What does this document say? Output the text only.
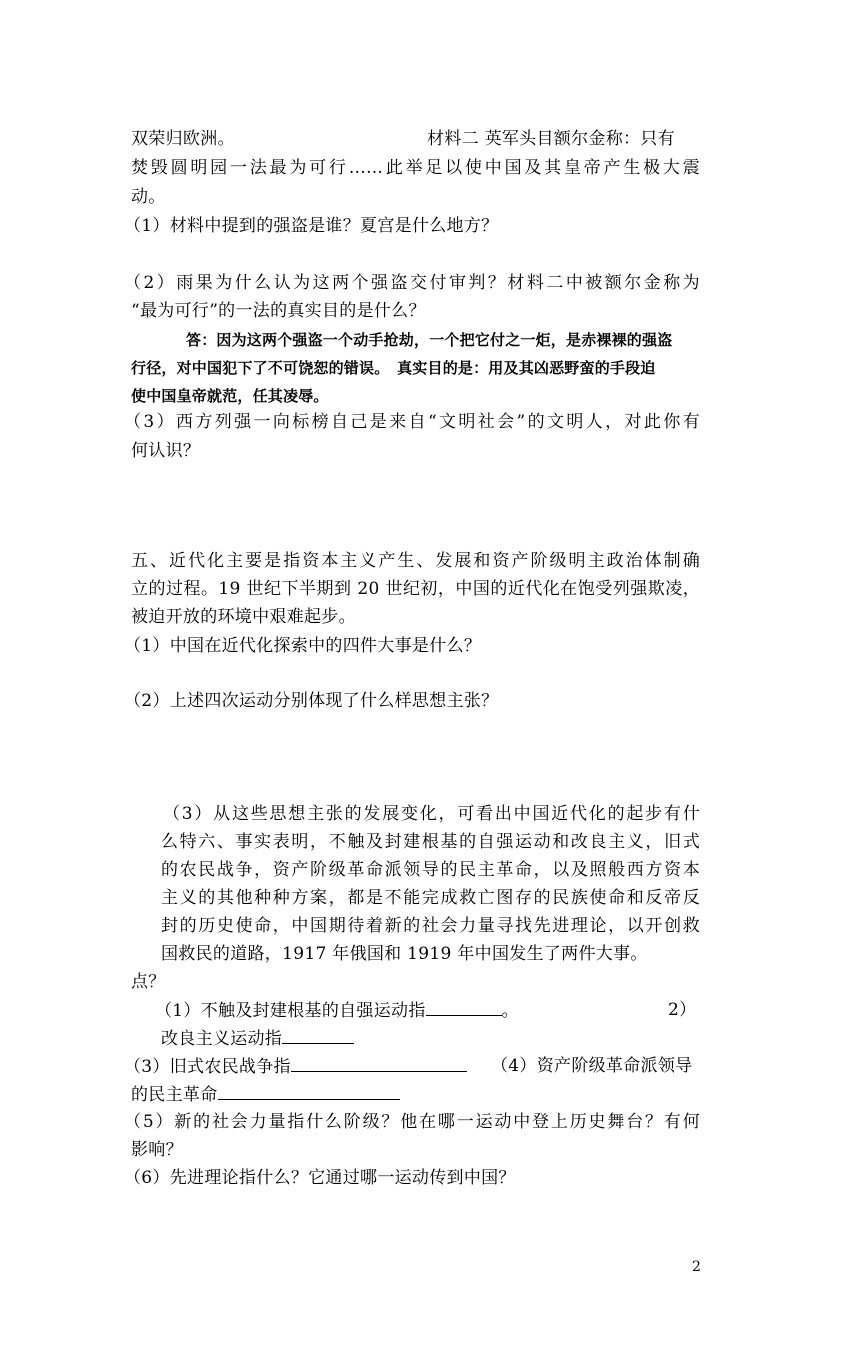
双荣归欧洲。	材料二 英军头目额尔金称：只有
焚毁圆明园一法最为可行……此举足以使中国及其皇帝产生极大震
动。
（1）材料中提到的强盗是谁？夏宫是什么地方？
（2）雨果为什么认为这两个强盗交付审判？材料二中被额尔金称为
“最为可行”的一法的真实目的是什么？
答：因为这两个强盗一个动手抢劫，一个把它付之一炬，是赤裸裸的强盗
行径，对中国犯下了不可饶恕的错误。　真实目的是：用及其凶恶野蛮的手段迫
使中国皇帝就范，任其凌辱。
（3）西方列强一向标榜自己是来自“文明社会”的文明人，对此你有
何认识？
五、近代化主要是指资本主义产生、发展和资产阶级明主政治体制确
立的过程。19 世纪下半期到 20 世纪初，中国的近代化在饱受列强欺凌，
被迫开放的环境中艰难起步。
（1）中国在近代化探索中的四件大事是什么？
（2）上述四次运动分别体现了什么样思想主张？
（3）从这些思想主张的发展变化，可看出中国近代化的起步有什
么特六、事实表明，不触及封建根基的自强运动和改良主义，旧式
的农民战争，资产阶级革命派领导的民主革命，以及照般西方资本
主义的其他种种方案，都是不能完成救亡图存的民族使命和反帝反
封的历史使命，中国期待着新的社会力量寻找先进理论，以开创救
国救民的道路，1917 年俄国和 1919 年中国发生了两件大事。
点？
（1）不触及封建根基的自强运动指	。	2）
改良主义运动指
（3）旧式农民战争指	（4）资产阶级革命派领导
的民主革命
（5）新的社会力量指什么阶级？他在哪一运动中登上历史舞台？有何
影响？
（6）先进理论指什么？它通过哪一运动传到中国？
2
